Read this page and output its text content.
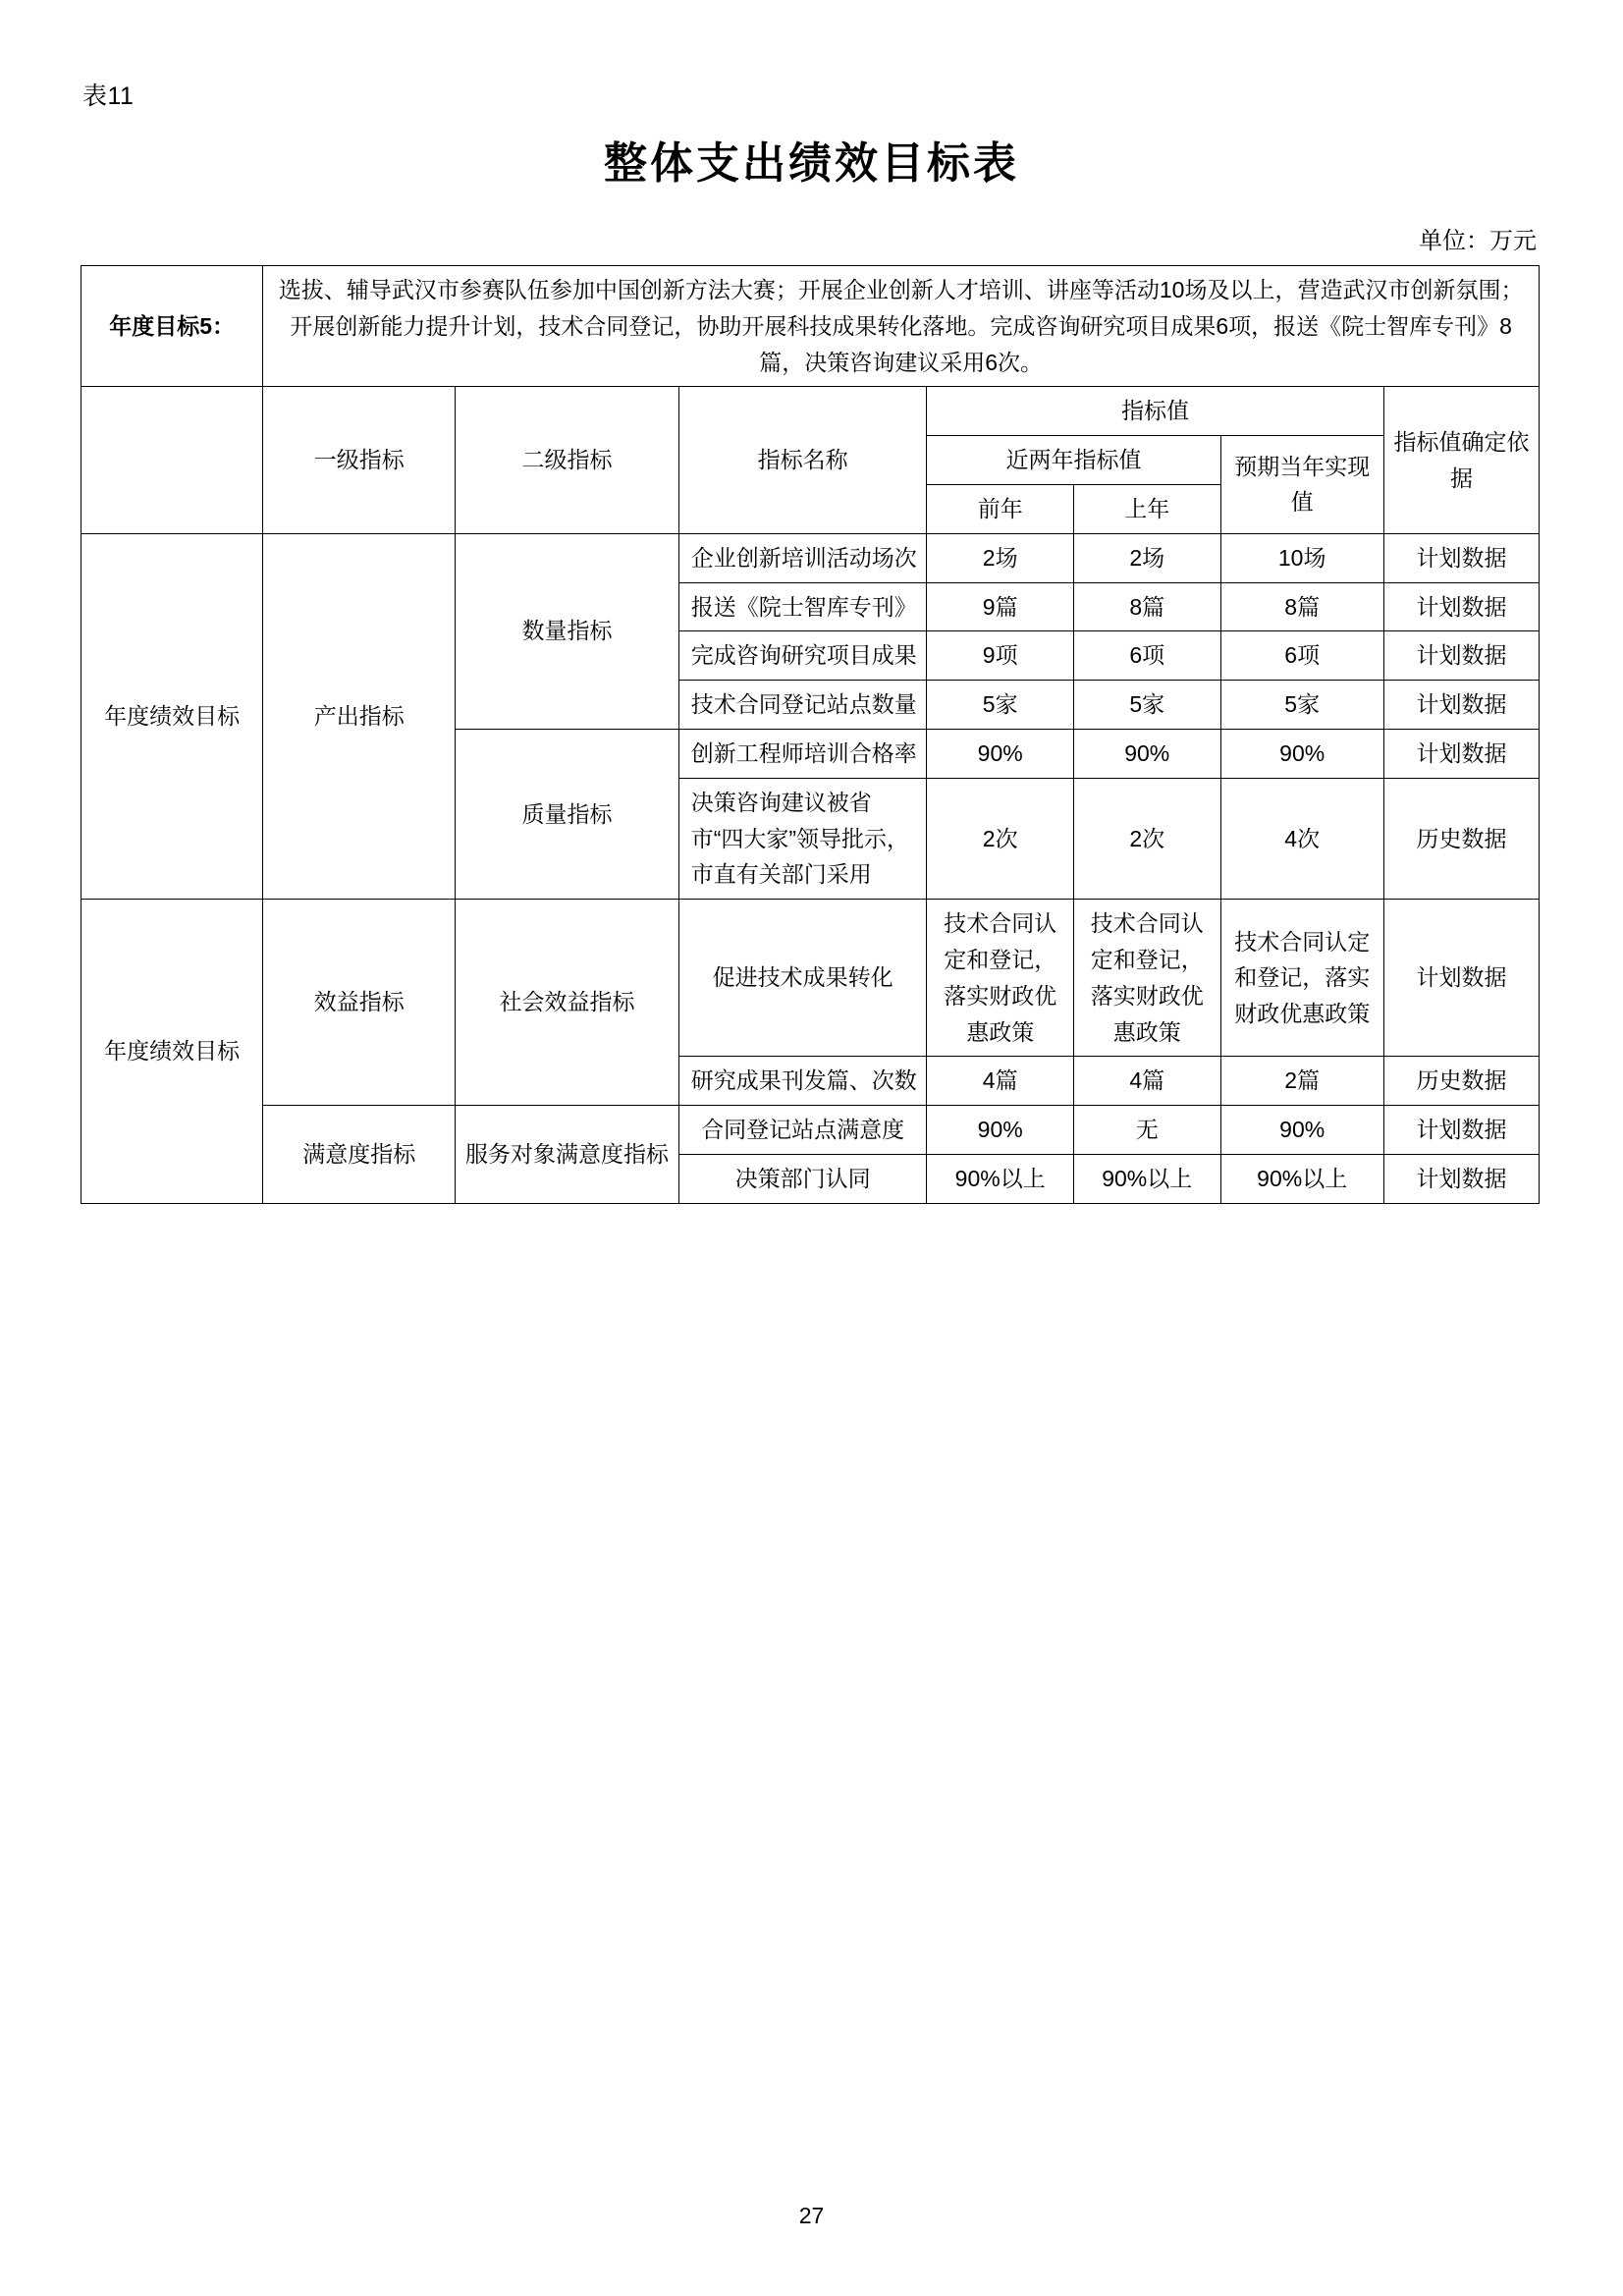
表11
整体支出绩效目标表
单位：万元
年度目标5：	选拔、辅导武汉市参赛队伍参加中国创新方法大赛；开展企业创新人才培训、讲座等活动10场及以上，营造武汉市创新氛围；开展创新能力提升计划，技术合同登记，协助开展科技成果转化落地。完成咨询研究项目成果6项，报送《院士智库专刊》8篇，决策咨询建议采用6次。						
	一级指标	二级指标	指标名称	指标值			指标值确定依据
				近两年指标值		预期当年实现值	
				前年	上年		
年度绩效目标	产出指标	数量指标	企业创新培训活动场次	2场	2场	10场	计划数据
			报送《院士智库专刊》	9篇	8篇	8篇	计划数据
			完成咨询研究项目成果	9项	6项	6项	计划数据
			技术合同登记站点数量	5家	5家	5家	计划数据
		质量指标	创新工程师培训合格率	90%	90%	90%	计划数据
			决策咨询建议被省市“四大家”领导批示，市直有关部门采用	2次	2次	4次	历史数据
年度绩效目标	效益指标	社会效益指标	促进技术成果转化	技术合同认定和登记，落实财政优惠政策	技术合同认定和登记，落实财政优惠政策	技术合同认定和登记，落实财政优惠政策	计划数据
			研究成果刊发篇、次数	4篇	4篇	2篇	历史数据
	满意度指标	服务对象满意度指标	合同登记站点满意度	90%	无	90%	计划数据
			决策部门认同	90%以上	90%以上	90%以上	计划数据
27
